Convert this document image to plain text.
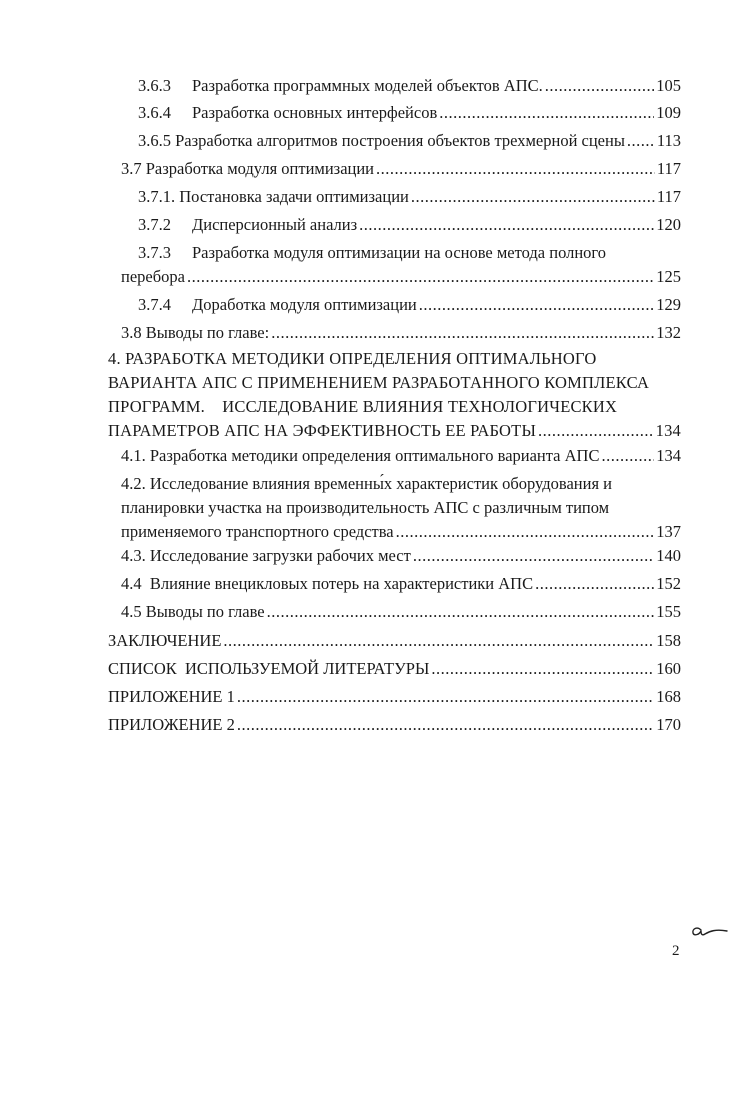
3.6.3	Разработка программных моделей объектов АПС. .....	105
3.6.4	Разработка основных интерфейсов .....	109
3.6.5 Разработка алгоритмов построения объектов трехмерной сцены ..... 113
3.7 Разработка модуля оптимизации .....	117
3.7.1. Постановка задачи оптимизации .....	117
3.7.2	Дисперсионный анализ .....	120
3.7.3	Разработка модуля оптимизации на основе метода полного
перебора .....	125
3.7.4	Доработка модуля оптимизации .....	129
3.8 Выводы по главе: .....	132
4. РАЗРАБОТКА МЕТОДИКИ ОПРЕДЕЛЕНИЯ ОПТИМАЛЬНОГО
ВАРИАНТА АПС С ПРИМЕНЕНИЕМ РАЗРАБОТАННОГО КОМПЛЕКСА
ПРОГРАММ.    ИССЛЕДОВАНИЕ ВЛИЯНИЯ ТЕХНОЛОГИЧЕСКИХ
ПАРАМЕТРОВ АПС НА ЭФФЕКТИВНОСТЬ ЕЕ РАБОТЫ .....	134
4.1. Разработка методики определения оптимального варианта АПС .....	134
4.2. Исследование влияния временны́х характеристик оборудования и
планировки участка на производительность АПС с различным типом
применяемого транспортного средства .....	137
4.3. Исследование загрузки рабочих мест .....	140
4.4  Влияние внецикловых потерь на характеристики АПС .....	152
4.5 Выводы по главе .....	155
ЗАКЛЮЧЕНИЕ .....	158
СПИСОК  ИСПОЛЬЗУЕМОЙ ЛИТЕРАТУРЫ .....	160
ПРИЛОЖЕНИЕ 1 .....	168
ПРИЛОЖЕНИЕ 2 .....	170
2
